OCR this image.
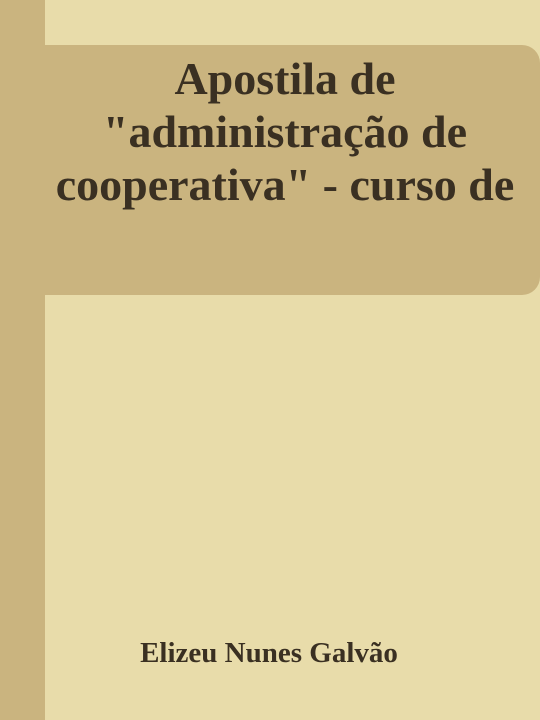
Apostila de "administração de cooperativa" - curso de
Elizeu Nunes Galvão
